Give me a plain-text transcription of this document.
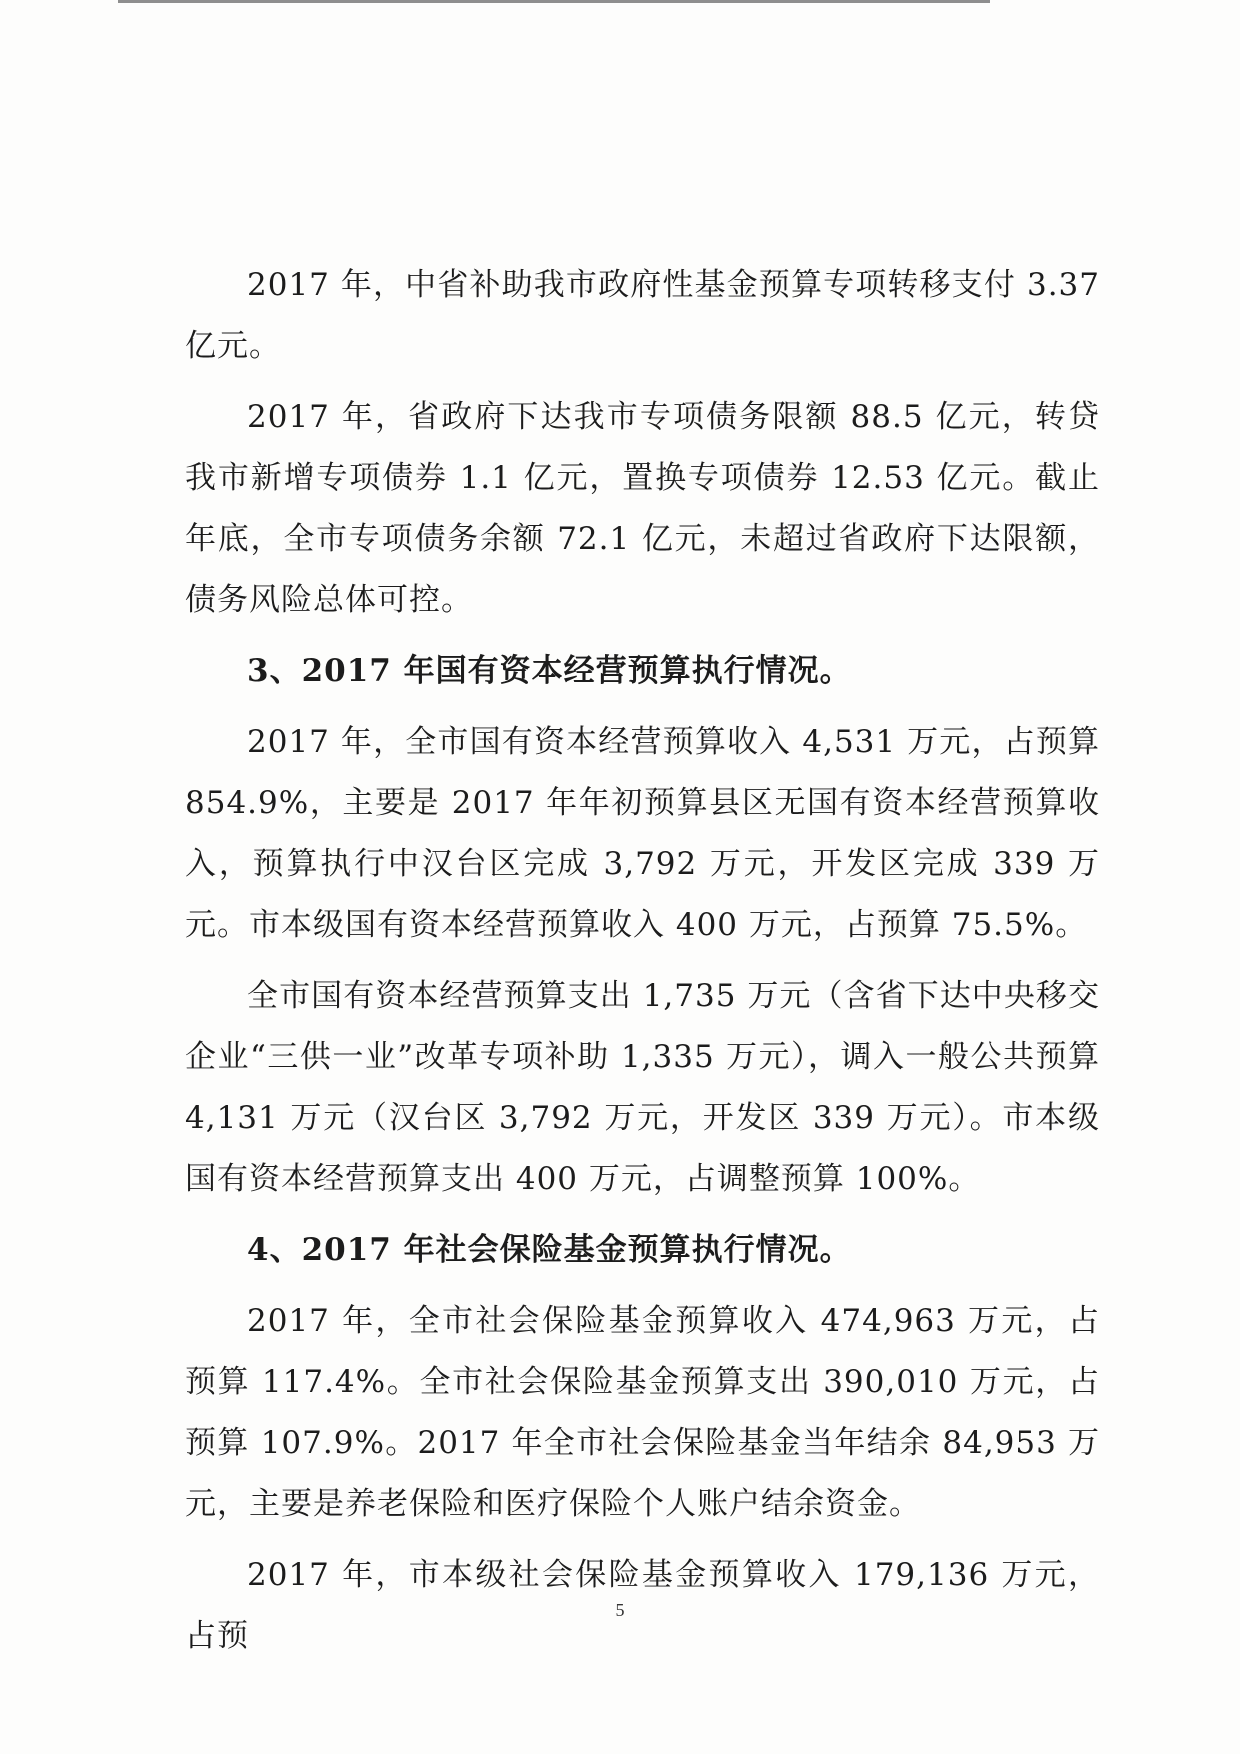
2017 年，中省补助我市政府性基金预算专项转移支付 3.37 亿元。

2017 年，省政府下达我市专项债务限额 88.5 亿元，转贷我市新增专项债券 1.1 亿元，置换专项债券 12.53 亿元。截止年底，全市专项债务余额 72.1 亿元，未超过省政府下达限额，债务风险总体可控。

3、2017 年国有资本经营预算执行情况。

2017 年，全市国有资本经营预算收入 4,531 万元，占预算 854.9%，主要是 2017 年年初预算县区无国有资本经营预算收入，预算执行中汉台区完成 3,792 万元，开发区完成 339 万元。市本级国有资本经营预算收入 400 万元，占预算 75.5%。

全市国有资本经营预算支出 1,735 万元（含省下达中央移交企业“三供一业”改革专项补助 1,335 万元），调入一般公共预算 4,131 万元（汉台区 3,792 万元，开发区 339 万元）。市本级国有资本经营预算支出 400 万元，占调整预算 100%。

4、2017 年社会保险基金预算执行情况。

2017 年，全市社会保险基金预算收入 474,963 万元，占预算 117.4%。全市社会保险基金预算支出 390,010 万元，占预算 107.9%。2017 年全市社会保险基金当年结余 84,953 万元，主要是养老保险和医疗保险个人账户结余资金。

2017 年，市本级社会保险基金预算收入 179,136 万元，占预

5
